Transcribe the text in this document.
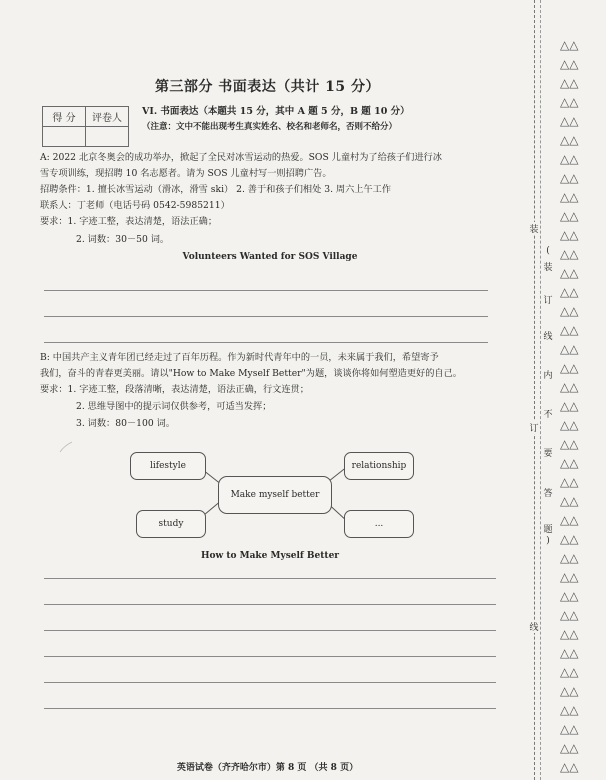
第三部分 书面表达（共计 15 分）
得 分	评卷人

VI. 书面表达（本题共 15 分，其中 A 题 5 分，B 题 10 分）
（注意：文中不能出现考生真实姓名、校名和老师名，否则不给分）
A: 2022 北京冬奥会的成功举办，掀起了全民对冰雪运动的热爱。SOS 儿童村为了给孩子们进行冰
雪专项训练，现招聘 10 名志愿者。请为 SOS 儿童村写一则招聘广告。
招聘条件：1. 擅长冰雪运动（滑冰，滑雪 ski） 2. 善于和孩子们相处 3. 周六上午工作
联系人：丁老师（电话号码 0542-5985211）
要求：1. 字迹工整，表达清楚，语法正确；
2. 词数：30－50 词。
Volunteers Wanted for SOS Village
B: 中国共产主义青年团已经走过了百年历程。作为新时代青年中的一员，未来属于我们，希望寄予
我们，奋斗的青春更美丽。请以"How to Make Myself Better"为题，谈谈你将如何塑造更好的自己。
要求：1. 字迹工整，段落清晰，表达清楚，语法正确，行文连贯；
2. 思维导图中的提示词仅供参考，可适当发挥；
3. 词数：80－100 词。
lifestyle	relationship
Make myself better
study	...
How to Make Myself Better
装
订
线
(
装
订
线
内
不
要
答
题
)
△△
△△
△△
△△
△△
△△
△△
△△
△△
△△
△△
△△
△△
△△
△△
△△
△△
△△
△△
△△
△△
△△
△△
△△
△△
△△
△△
△△
△△
△△
△△
△△
△△
△△
△△
△△
△△
△△
△△
英语试卷（齐齐哈尔市）第 8 页 （共 8 页）
